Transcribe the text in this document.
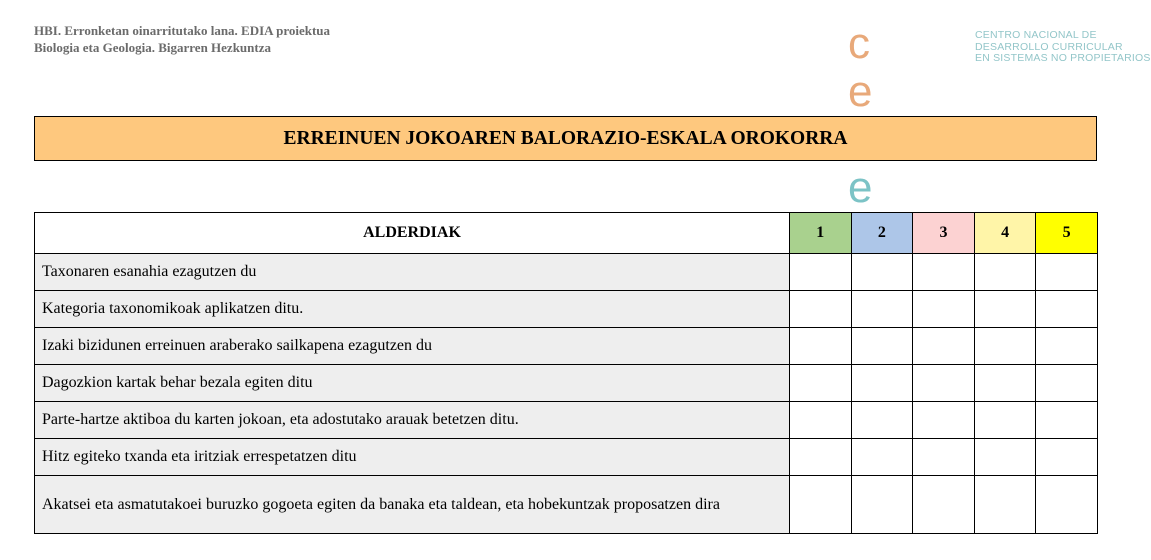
HBI. Erronketan oinarritutako lana. EDIA proiektua
Biologia eta Geologia. Bigarren Hezkuntza	cee
CENTRO NACIONAL DE
DESARROLLO CURRICULAR
EN SISTEMAS NO PROPIETARIOS
ERREINUEN JOKOAREN BALORAZIO-ESKALA OROKORRA
ALDERDIAK	1	2	3	4	5
Taxonaren esanahia ezagutzen du					
Kategoria taxonomikoak aplikatzen ditu.					
Izaki bizidunen erreinuen araberako sailkapena ezagutzen du					
Dagozkion kartak behar bezala egiten ditu					
Parte-hartze aktiboa du karten jokoan, eta adostutako arauak betetzen ditu.					
Hitz egiteko txanda eta iritziak errespetatzen ditu					
Akatsei eta asmatutakoei buruzko gogoeta egiten da banaka eta taldean, eta hobekuntzak proposatzen dira					
